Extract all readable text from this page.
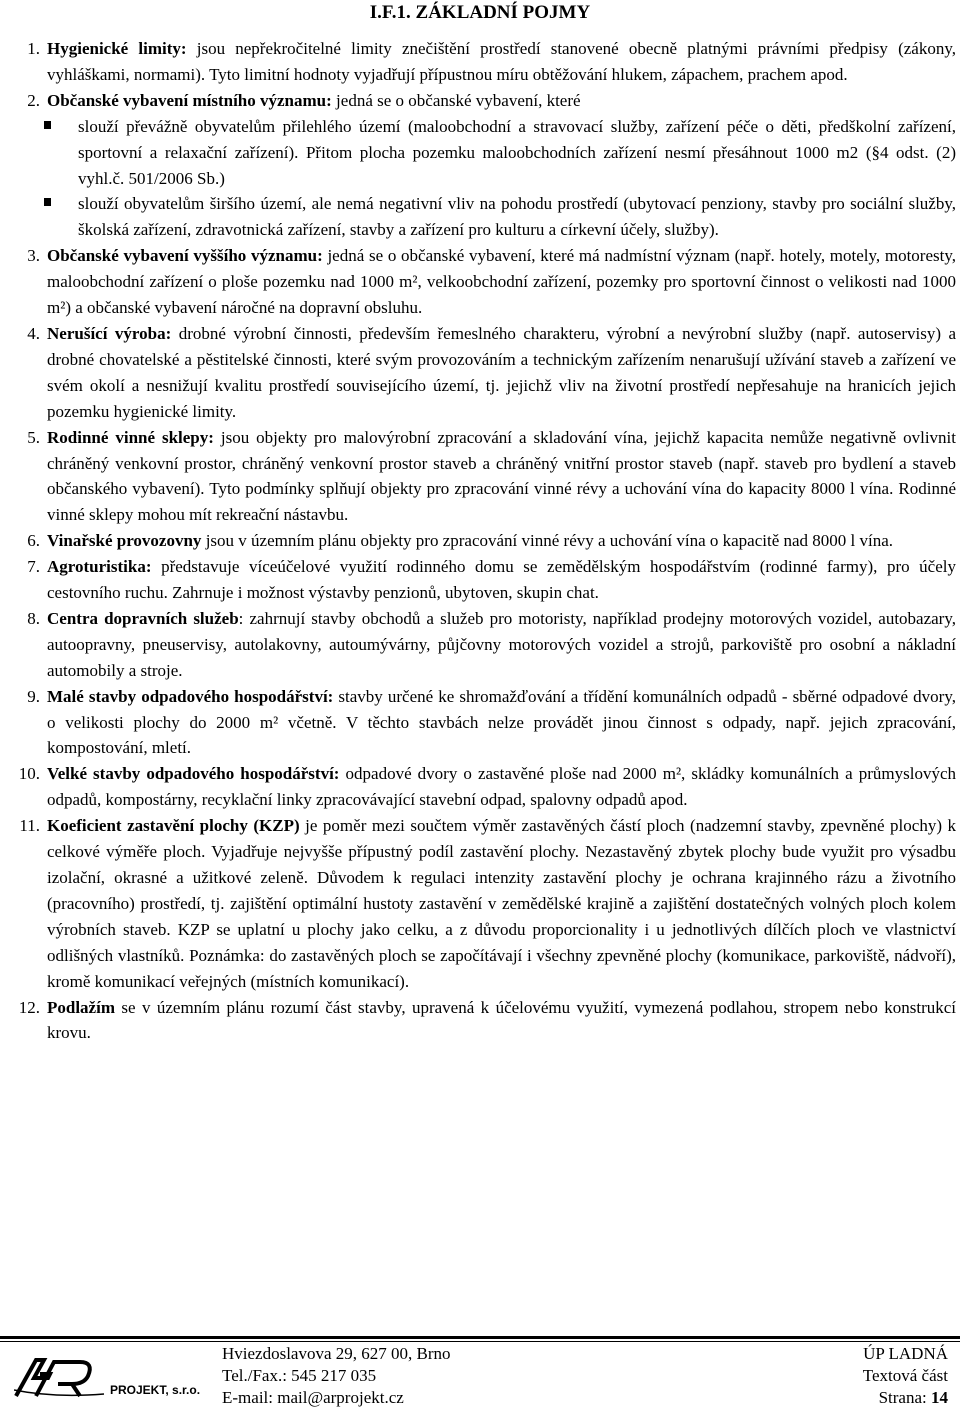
I.F.1. ZÁKLADNÍ POJMY
1. Hygienické limity: jsou nepřekročitelné limity znečištění prostředí stanovené obecně platnými právními předpisy (zákony, vyhláškami, normami). Tyto limitní hodnoty vyjadřují přípustnou míru obtěžování hlukem, zápachem, prachem apod.
2. Občanské vybavení místního významu: jedná se o občanské vybavení, které
slouží převážně obyvatelům přilehlého území (maloobchodní a stravovací služby, zařízení péče o děti, předškolní zařízení, sportovní a relaxační zařízení). Přitom plocha pozemku maloobchodních zařízení nesmí přesáhnout 1000 m2 (§4 odst. (2) vyhl.č. 501/2006 Sb.)
slouží obyvatelům širšího území, ale nemá negativní vliv na pohodu prostředí (ubytovací penziony, stavby pro sociální služby, školská zařízení, zdravotnická zařízení, stavby a zařízení pro kulturu a církevní účely, služby).
3. Občanské vybavení vyššího významu: jedná se o občanské vybavení, které má nadmístní význam (např. hotely, motely, motoresty, maloobchodní zařízení o ploše pozemku nad 1000 m², velkoobchodní zařízení, pozemky pro sportovní činnost o velikosti nad 1000 m²) a občanské vybavení náročné na dopravní obsluhu.
4. Nerušící výroba: drobné výrobní činnosti, především řemeslného charakteru, výrobní a nevýrobní služby (např. autoservisy) a drobné chovatelské a pěstitelské činnosti, které svým provozováním a technickým zařízením nenarušují užívání staveb a zařízení ve svém okolí a nesnižují kvalitu prostředí souvisejícího území, tj. jejichž vliv na životní prostředí nepřesahuje na hranicích jejich pozemku hygienické limity.
5. Rodinné vinné sklepy: jsou objekty pro malovýrobní zpracování a skladování vína, jejichž kapacita nemůže negativně ovlivnit chráněný venkovní prostor, chráněný venkovní prostor staveb a chráněný vnitřní prostor staveb (např. staveb pro bydlení a staveb občanského vybavení). Tyto podmínky splňují objekty pro zpracování vinné révy a uchování vína do kapacity 8000 l vína. Rodinné vinné sklepy mohou mít rekreační nástavbu.
6. Vinařské provozovny jsou v územním plánu objekty pro zpracování vinné révy a uchování vína o kapacitě nad 8000 l vína.
7. Agroturistika: představuje víceúčelové využití rodinného domu se zemědělským hospodářstvím (rodinné farmy), pro účely cestovního ruchu. Zahrnuje i možnost výstavby penzionů, ubytoven, skupin chat.
8. Centra dopravních služeb: zahrnují stavby obchodů a služeb pro motoristy, například prodejny motorových vozidel, autobazary, autoopravny, pneuservisy, autolakovny, autoumývárny, půjčovny motorových vozidel a strojů, parkoviště pro osobní a nákladní automobily a stroje.
9. Malé stavby odpadového hospodářství: stavby určené ke shromažďování a třídění komunálních odpadů - sběrné odpadové dvory, o velikosti plochy do 2000 m² včetně. V těchto stavbách nelze provádět jinou činnost s odpady, např. jejich zpracování, kompostování, mletí.
10. Velké stavby odpadového hospodářství: odpadové dvory o zastavěné ploše nad 2000 m², skládky komunálních a průmyslových odpadů, kompostárny, recyklační linky zpracovávající stavební odpad, spalovny odpadů apod.
11. Koeficient zastavění plochy (KZP) je poměr mezi součtem výměr zastavěných částí ploch (nadzemní stavby, zpevněné plochy) k celkové výměře ploch. Vyjadřuje nejvyšše přípustný podíl zastavění plochy. Nezastavěný zbytek plochy bude využit pro výsadbu izolační, okrasné a užitkové zeleně. Důvodem k regulaci intenzity zastavění plochy je ochrana krajinného rázu a životního (pracovního) prostředí, tj. zajištění optimální hustoty zastavění v zemědělské krajině a zajištění dostatečných volných ploch kolem výrobních staveb. KZP se uplatní u plochy jako celku, a z důvodu proporcionality i u jednotlivých dílčích ploch ve vlastnictví odlišných vlastníků. Poznámka: do zastavěných ploch se započítávají i všechny zpevněné plochy (komunikace, parkoviště, nádvoří), kromě komunikací veřejných (místních komunikací).
12. Podlažím se v územním plánu rozumí část stavby, upravená k účelovému využití, vymezená podlahou, stropem nebo konstrukcí krovu.
PROJEKT, s.r.o.
Hviezdoslavova 29, 627 00, Brno
Tel./Fax.: 545 217 035
E-mail: mail@arprojekt.cz
ÚP LADNÁ
Textová část
Strana: 14
